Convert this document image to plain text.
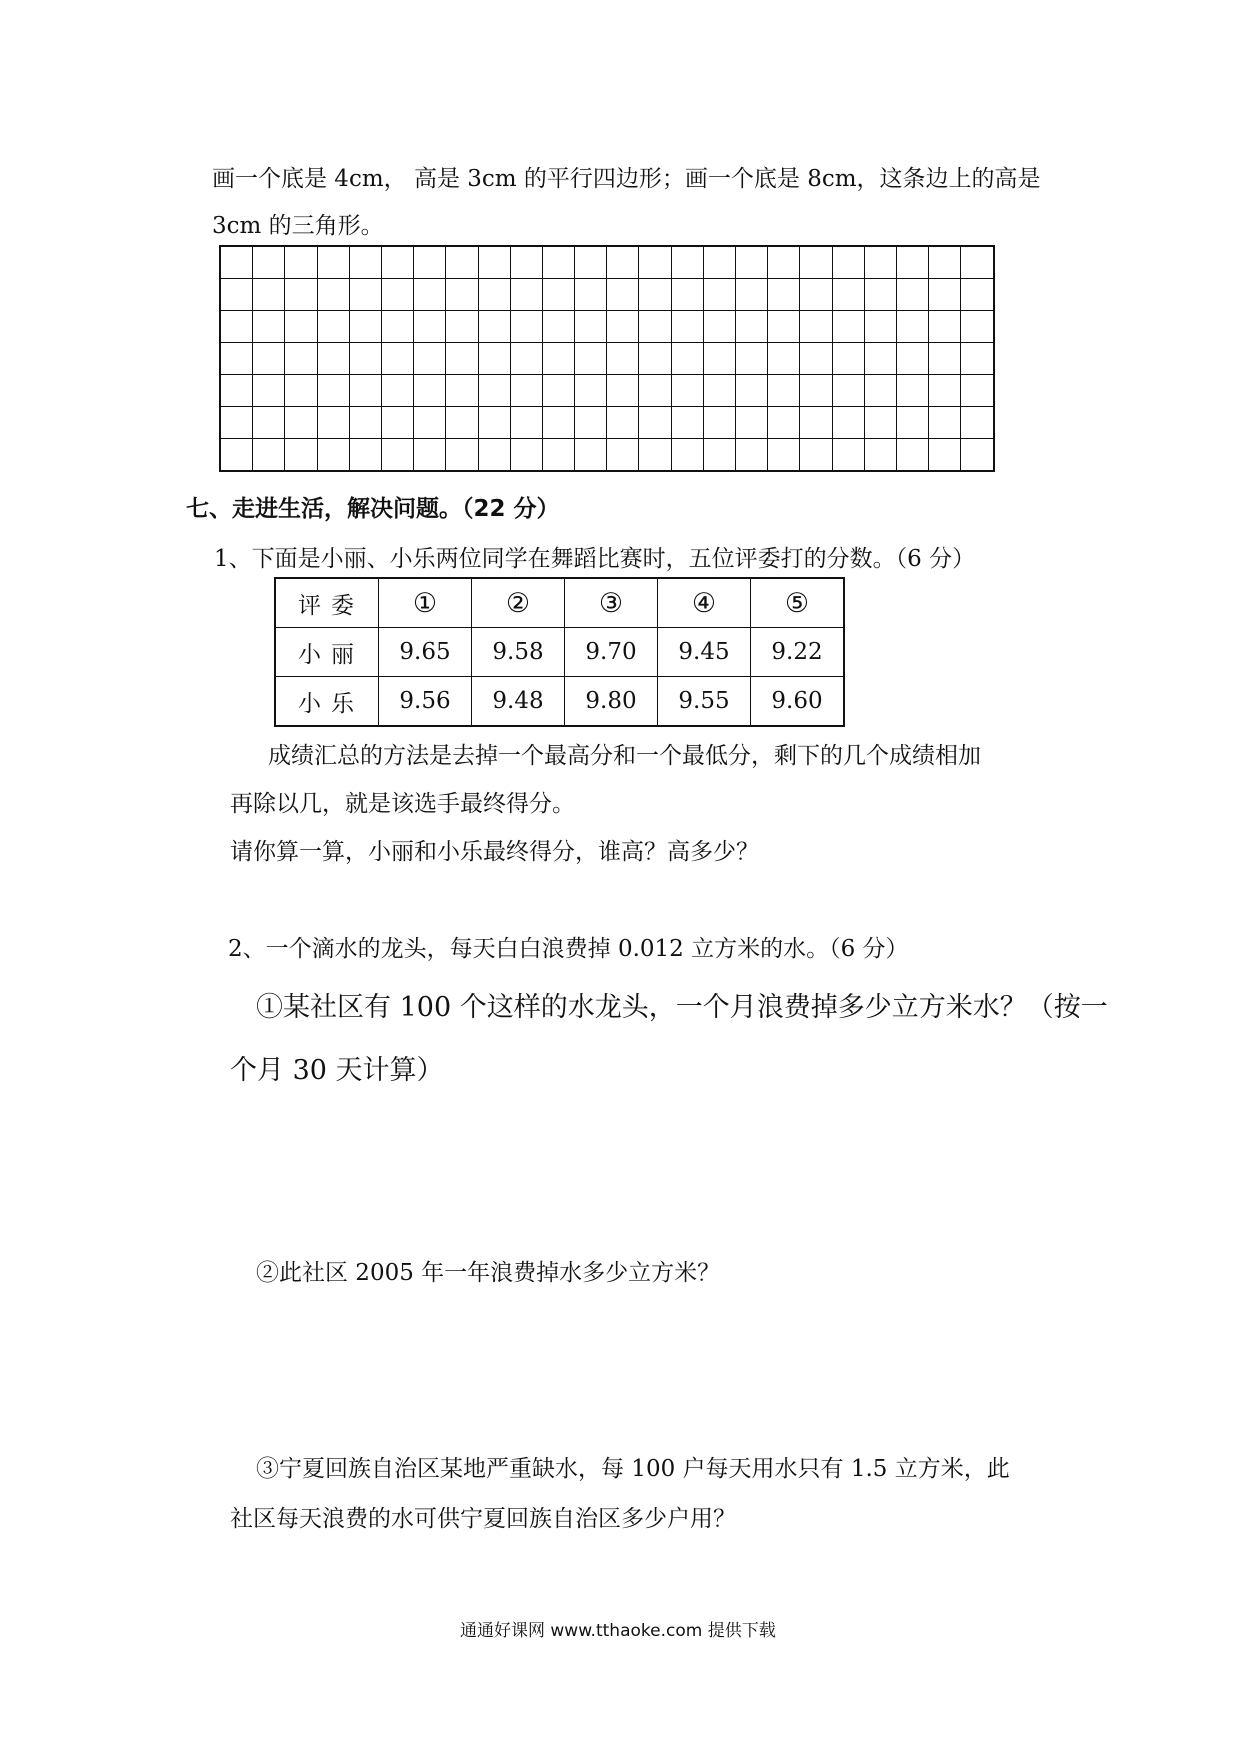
画一个底是 4cm， 高是 3cm 的平行四边形；画一个底是 8cm，这条边上的高是
3cm 的三角形。

七、走进生活，解决问题。（22 分）
1、下面是小丽、小乐两位同学在舞蹈比赛时，五位评委打的分数。（6 分）
评委	①	②	③	④	⑤
小丽	9.65	9.58	9.70	9.45	9.22
小乐	9.56	9.48	9.80	9.55	9.60
成绩汇总的方法是去掉一个最高分和一个最低分，剩下的几个成绩相加
再除以几，就是该选手最终得分。
请你算一算，小丽和小乐最终得分，谁高？高多少？
2、一个滴水的龙头，每天白白浪费掉 0.012 立方米的水。（6 分）
①某社区有 100 个这样的水龙头，一个月浪费掉多少立方米水？（按一
个月 30 天计算）
②此社区 2005 年一年浪费掉水多少立方米？
③宁夏回族自治区某地严重缺水，每 100 户每天用水只有 1.5 立方米，此
社区每天浪费的水可供宁夏回族自治区多少户用？
通通好课网 www.tthaoke.com 提供下载
